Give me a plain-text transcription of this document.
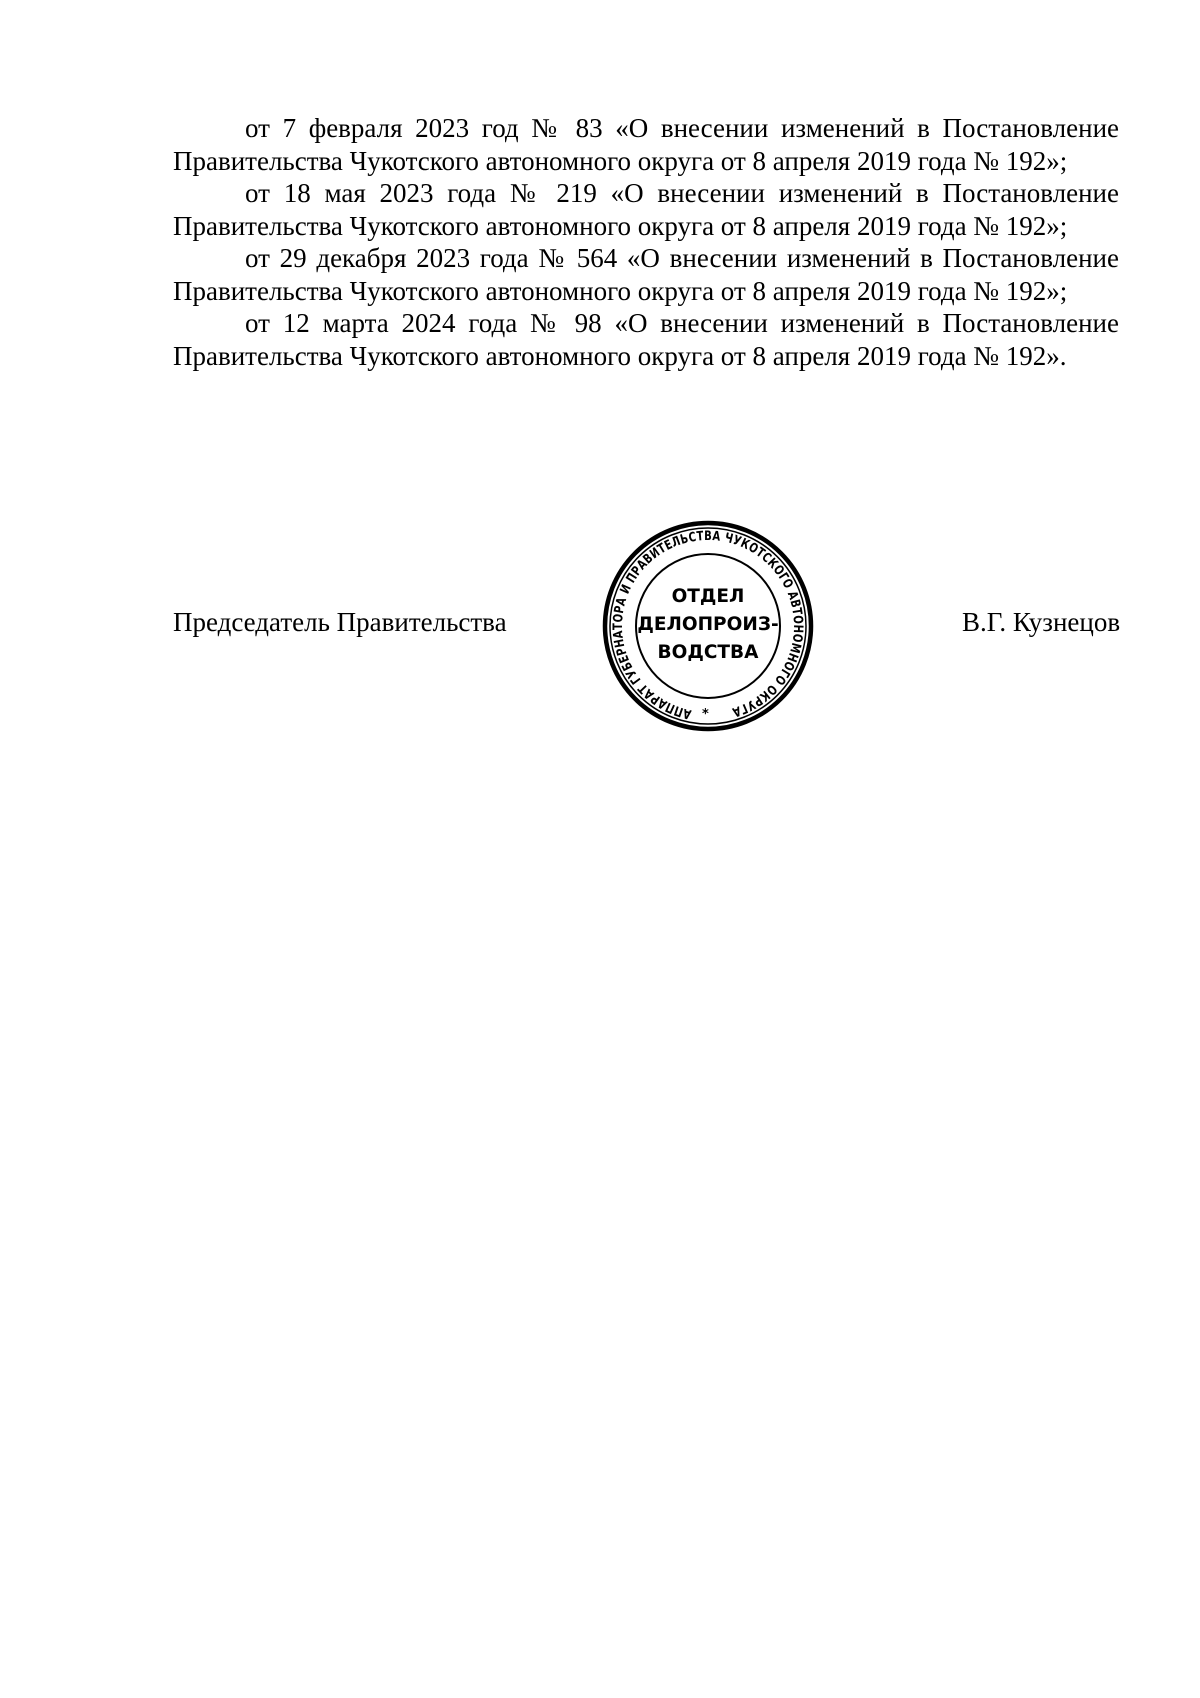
от 7 февраля 2023 год № 83 «О внесении изменений в Постановление Правительства Чукотского автономного округа от 8 апреля 2019 года № 192»;

от 18 мая 2023 года № 219 «О внесении изменений в Постановление Правительства Чукотского автономного округа от 8 апреля 2019 года № 192»;

от 29 декабря 2023 года № 564 «О внесении изменений в Постановление Правительства Чукотского автономного округа от 8 апреля 2019 года № 192»;

от 12 марта 2024 года № 98 «О внесении изменений в Постановление Правительства Чукотского автономного округа от 8 апреля 2019 года № 192».

Председатель Правительства
АППАРАТ ГУБЕРНАТОРА И ПРАВИТЕЛЬСТВА ЧУКОТСКОГО АВТОНОМНОГО ОКРУГА
*
ОТДЕЛ
ДЕЛОПРОИЗ-
ВОДСТВА
В.Г. Кузнецов
